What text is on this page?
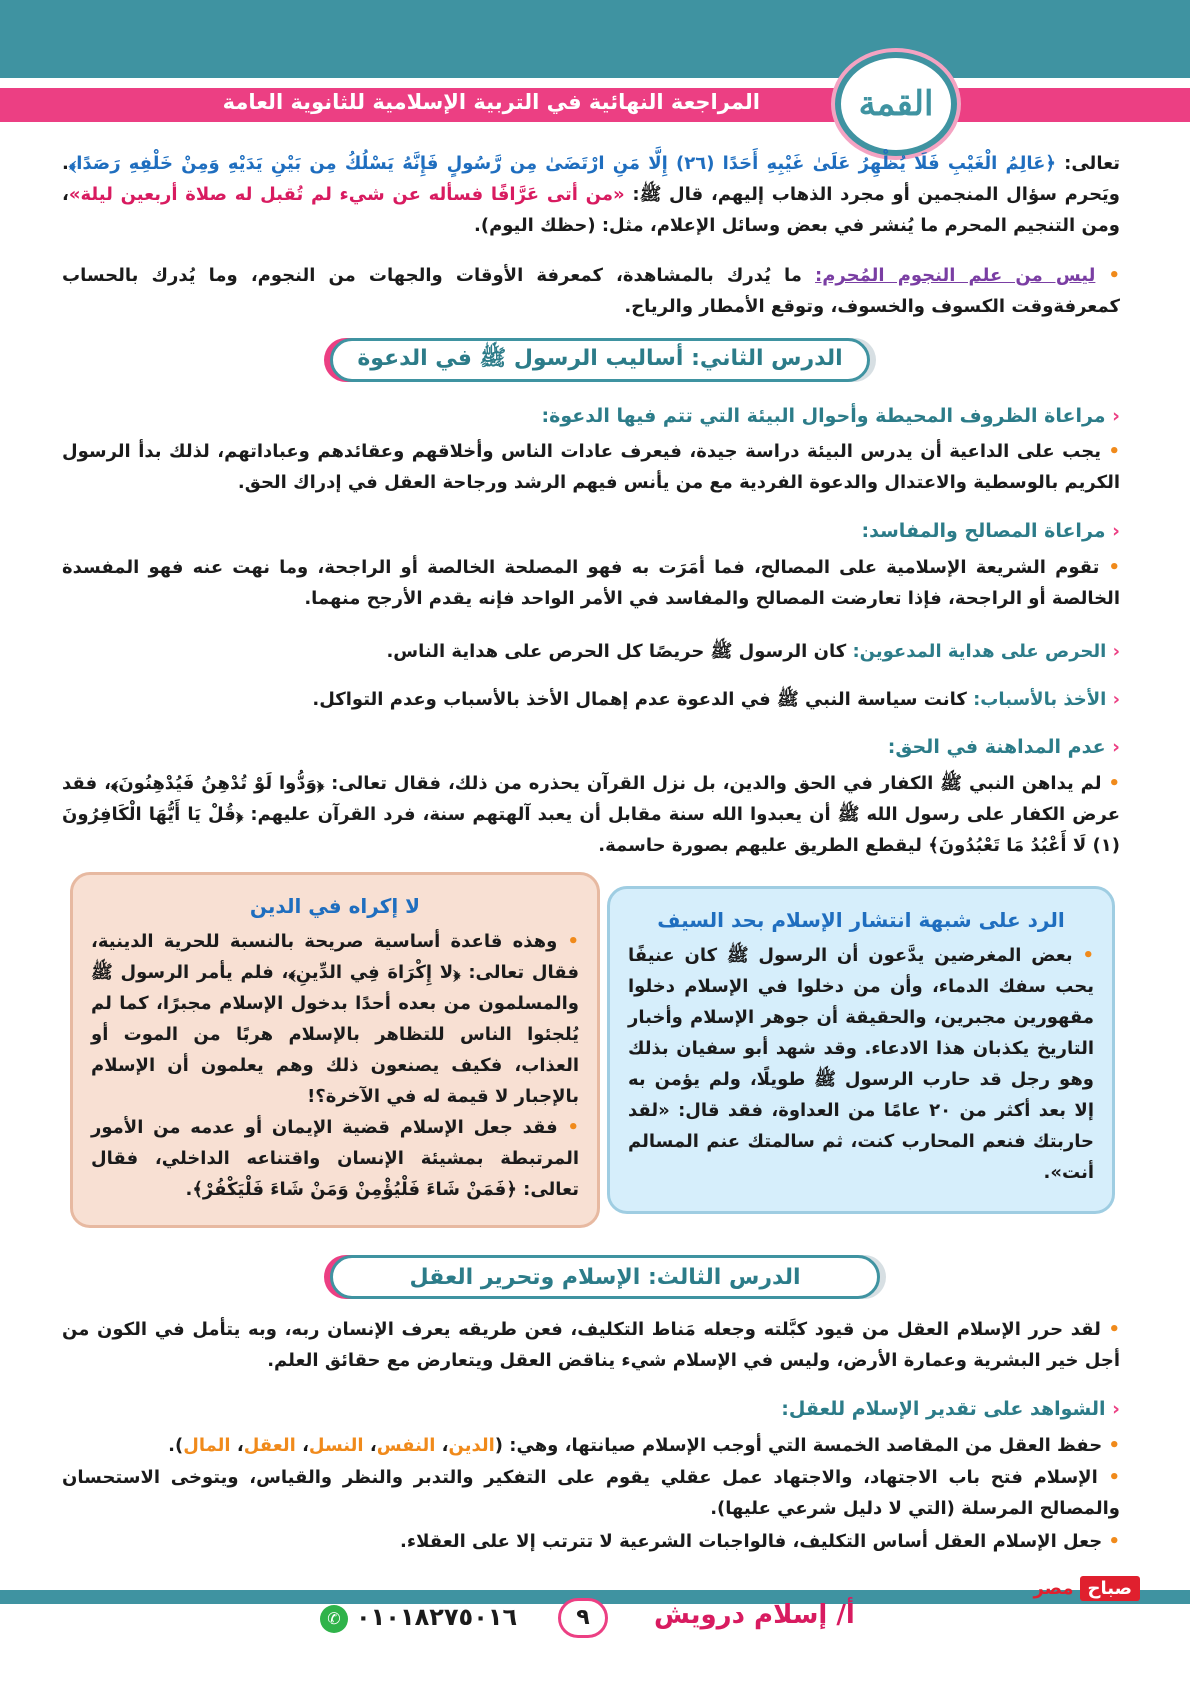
المراجعة النهائية في التربية الإسلامية للثانوية العامة	القمة
تعالى: ﴿عَالِمُ الْغَيْبِ فَلَا يُظْهِرُ عَلَىٰ غَيْبِهِ أَحَدًا (٢٦) إِلَّا مَنِ ارْتَضَىٰ مِن رَّسُولٍ فَإِنَّهُ يَسْلُكُ مِن بَيْنِ يَدَيْهِ وَمِنْ خَلْفِهِ رَصَدًا﴾. ويَحرم سؤال المنجمين أو مجرد الذهاب إليهم، قال ﷺ: «من أتى عَرَّافًا فسأله عن شيء لم تُقبل له صلاة أربعين ليلة»، ومن التنجيم المحرم ما يُنشر في بعض وسائل الإعلام، مثل: (حظك اليوم).
• ليس من علم النجوم المُحرم: ما يُدرك بالمشاهدة، كمعرفة الأوقات والجهات من النجوم، وما يُدرك بالحساب كمعرفةوقت الكسوف والخسوف، وتوقع الأمطار والرياح.
الدرس الثاني: أساليب الرسول ﷺ في الدعوة
‹ مراعاة الظروف المحيطة وأحوال البيئة التي تتم فيها الدعوة:
• يجب على الداعية أن يدرس البيئة دراسة جيدة، فيعرف عادات الناس وأخلاقهم وعقائدهم وعباداتهم، لذلك بدأ الرسول الكريم بالوسطية والاعتدال والدعوة الفردية مع من يأنس فيهم الرشد ورجاحة العقل في إدراك الحق.
‹ مراعاة المصالح والمفاسد:
• تقوم الشريعة الإسلامية على المصالح، فما أمَرَت به فهو المصلحة الخالصة أو الراجحة، وما نهت عنه فهو المفسدة الخالصة أو الراجحة، فإذا تعارضت المصالح والمفاسد في الأمر الواحد فإنه يقدم الأرجح منهما.
‹ الحرص على هداية المدعوين: كان الرسول ﷺ حريصًا كل الحرص على هداية الناس.
‹ الأخذ بالأسباب: كانت سياسة النبي ﷺ في الدعوة عدم إهمال الأخذ بالأسباب وعدم التواكل.
‹ عدم المداهنة في الحق:
• لم يداهن النبي ﷺ الكفار في الحق والدين، بل نزل القرآن يحذره من ذلك، فقال تعالى: ﴿وَدُّوا لَوْ تُدْهِنُ فَيُدْهِنُونَ﴾، فقد عرض الكفار على رسول الله ﷺ أن يعبدوا الله سنة مقابل أن يعبد آلهتهم سنة، فرد القرآن عليهم: ﴿قُلْ يَا أَيُّهَا الْكَافِرُونَ (١) لَا أَعْبُدُ مَا تَعْبُدُونَ﴾ ليقطع الطريق عليهم بصورة حاسمة.
الرد على شبهة انتشار الإسلام بحد السيف
• بعض المغرضين يدَّعون أن الرسول ﷺ كان عنيفًا يحب سفك الدماء، وأن من دخلوا في الإسلام دخلوا مقهورين مجبرين، والحقيقة أن جوهر الإسلام وأخبار التاريخ يكذبان هذا الادعاء. وقد شهد أبو سفيان بذلك وهو رجل قد حارب الرسول ﷺ طويلًا، ولم يؤمن به إلا بعد أكثر من ٢٠ عامًا من العداوة، فقد قال: «لقد حاربتك فنعم المحارب كنت، ثم سالمتك عنم المسالم أنت».
لا إكراه في الدين
• وهذه قاعدة أساسية صريحة بالنسبة للحرية الدينية، فقال تعالى: ﴿لا إِكْرَاهَ فِي الدِّينِ﴾، فلم يأمر الرسول ﷺ والمسلمون من بعده أحدًا بدخول الإسلام مجبرًا، كما لم يُلجئوا الناس للتظاهر بالإسلام هربًا من الموت أو العذاب، فكيف يصنعون ذلك وهم يعلمون أن الإسلام بالإجبار لا قيمة له في الآخرة؟!
• فقد جعل الإسلام قضية الإيمان أو عدمه من الأمور المرتبطة بمشيئة الإنسان واقتناعه الداخلي، فقال تعالى: ﴿فَمَنْ شَاءَ فَلْيُؤْمِنْ وَمَنْ شَاءَ فَلْيَكْفُرْ﴾.
الدرس الثالث: الإسلام وتحرير العقل
• لقد حرر الإسلام العقل من قيود كبَّلته وجعله مَناط التكليف، فعن طريقه يعرف الإنسان ربه، وبه يتأمل في الكون من أجل خير البشرية وعمارة الأرض، وليس في الإسلام شيء يناقض العقل ويتعارض مع حقائق العلم.
‹ الشواهد على تقدير الإسلام للعقل:
• حفظ العقل من المقاصد الخمسة التي أوجب الإسلام صيانتها، وهي: (الدين، النفس، النسل، العقل، المال).
• الإسلام فتح باب الاجتهاد، والاجتهاد عمل عقلي يقوم على التفكير والتدبر والنظر والقياس، ويتوخى الاستحسان والمصالح المرسلة (التي لا دليل شرعي عليها).
• جعل الإسلام العقل أساس التكليف، فالواجبات الشرعية لا تترتب إلا على العقلاء.
صباح
مصر
أ/ إسلام درويش
٩
✆ ٠١٠١٨٢٧٥٠١٦
